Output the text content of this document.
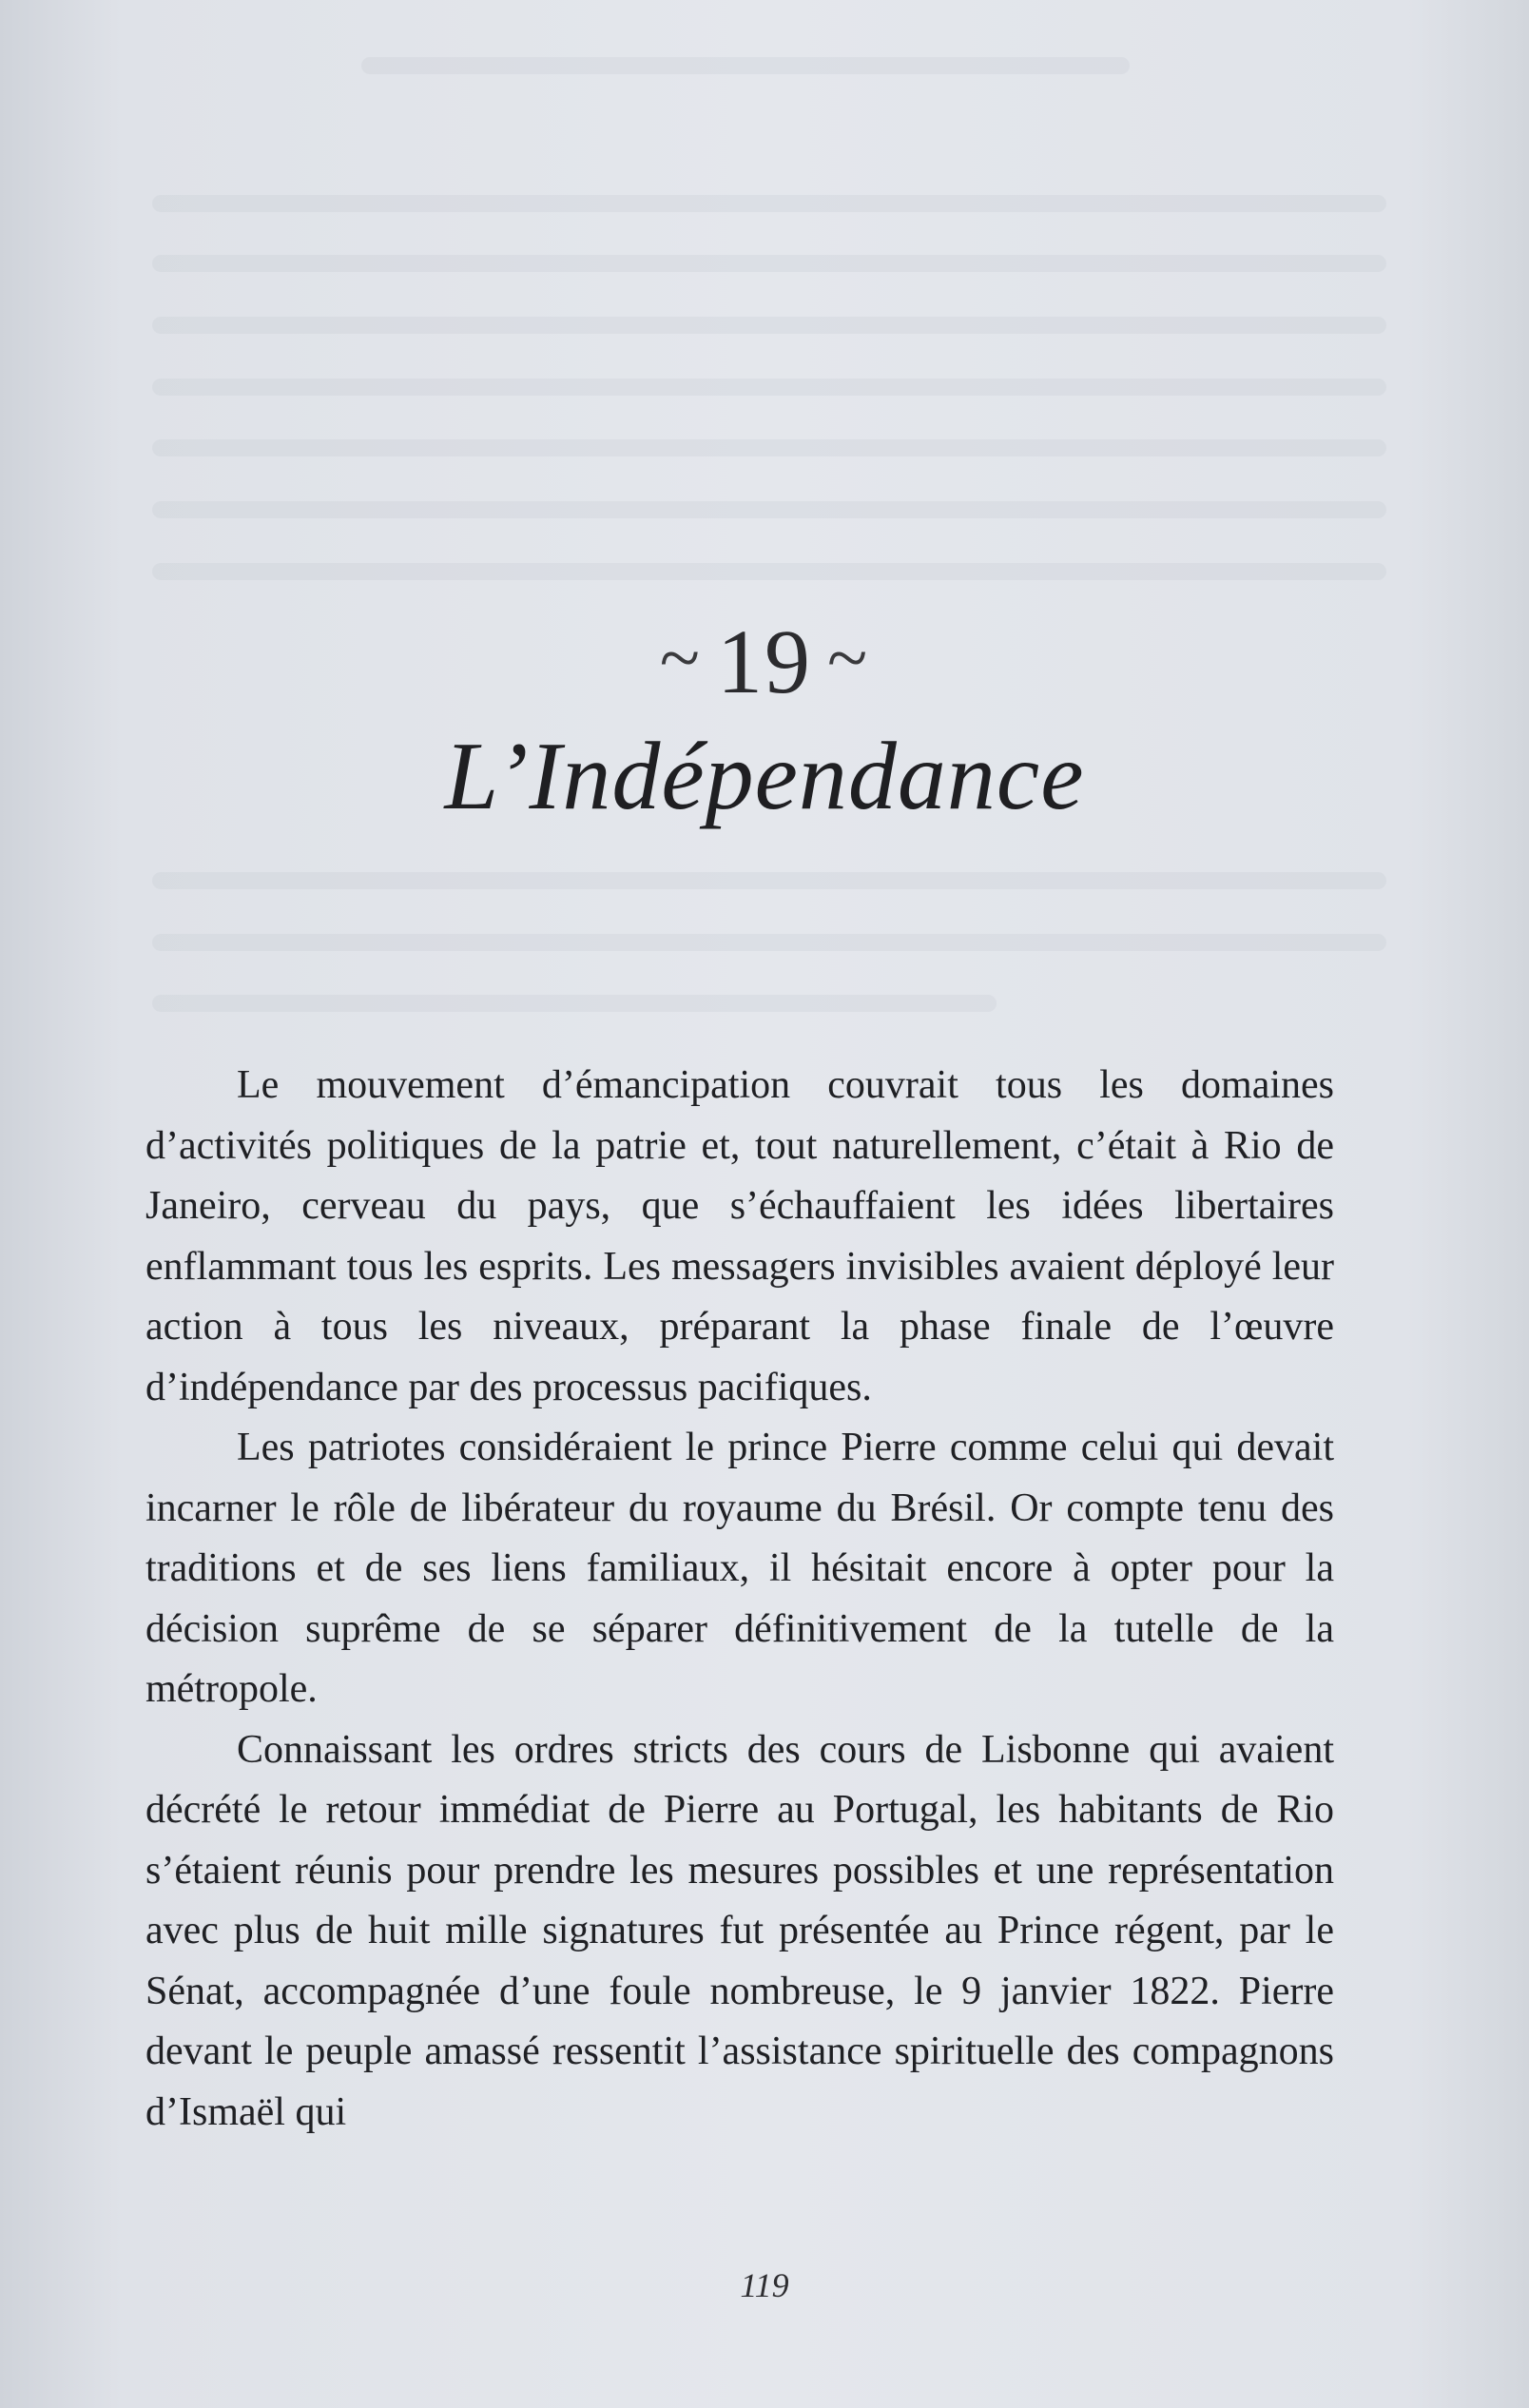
~ 19 ~
L’Indépendance

Le mouvement d’émancipation couvrait tous les domaines d’activités politiques de la patrie et, tout naturellement, c’était à Rio de Janeiro, cerveau du pays, que s’échauffaient les idées libertaires enflammant tous les esprits. Les messagers invisibles avaient déployé leur action à tous les niveaux, préparant la phase finale de l’œuvre d’indépendance par des processus pacifiques.

Les patriotes considéraient le prince Pierre comme celui qui devait incarner le rôle de libérateur du royaume du Brésil. Or compte tenu des traditions et de ses liens familiaux, il hésitait encore à opter pour la décision suprême de se séparer définitivement de la tutelle de la métropole.

Connaissant les ordres stricts des cours de Lisbonne qui avaient décrété le retour immédiat de Pierre au Portugal, les habitants de Rio s’étaient réunis pour prendre les mesures possibles et une représentation avec plus de huit mille signatures fut présentée au Prince régent, par le Sénat, accompagnée d’une foule nombreuse, le 9 janvier 1822. Pierre devant le peuple amassé ressentit l’assistance spirituelle des compagnons d’Ismaël qui

119
